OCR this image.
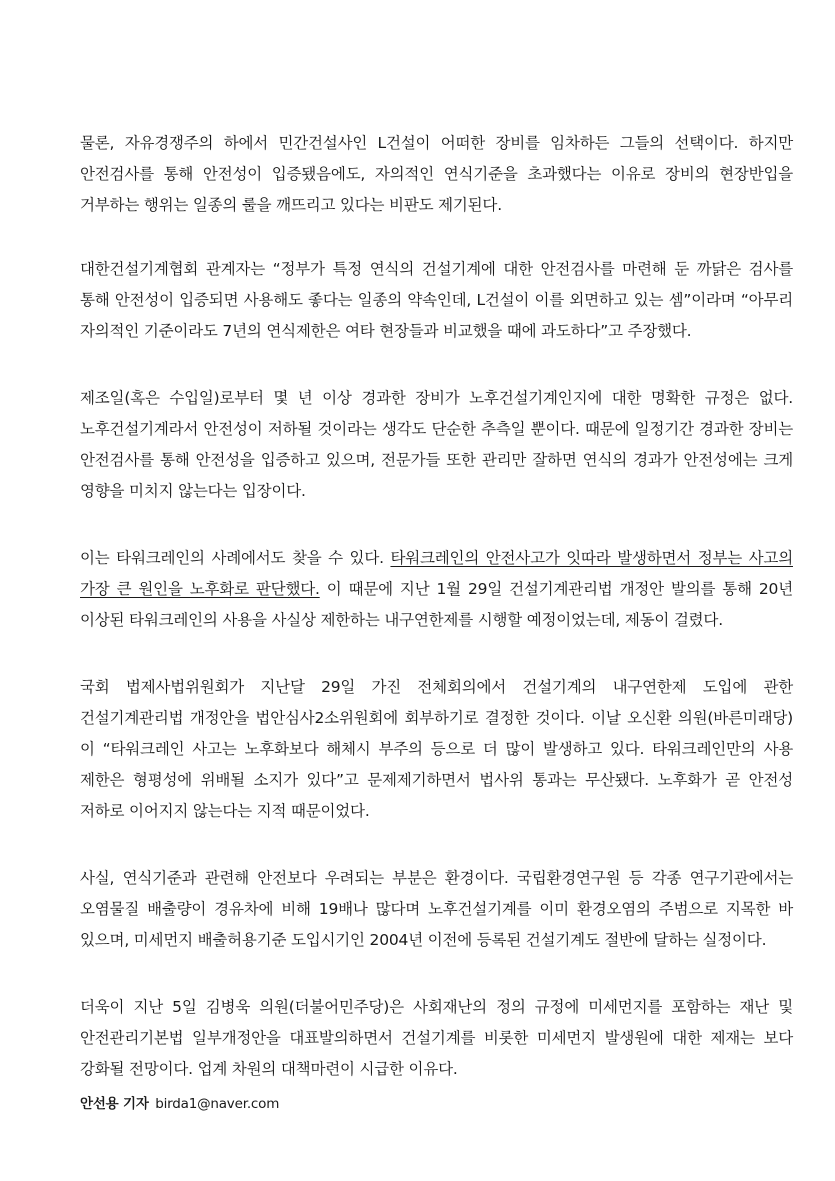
물론, 자유경쟁주의 하에서 민간건설사인 L건설이 어떠한 장비를 임차하든 그들의 선택이다. 하지만 안전검사를 통해 안전성이 입증됐음에도, 자의적인 연식기준을 초과했다는 이유로 장비의 현장반입을 거부하는 행위는 일종의 룰을 깨뜨리고 있다는 비판도 제기된다.

대한건설기계협회 관계자는 “정부가 특정 연식의 건설기계에 대한 안전검사를 마련해 둔 까닭은 검사를 통해 안전성이 입증되면 사용해도 좋다는 일종의 약속인데, L건설이 이를 외면하고 있는 셈”이라며 “아무리 자의적인 기준이라도 7년의 연식제한은 여타 현장들과 비교했을 때에 과도하다”고 주장했다.

제조일(혹은 수입일)로부터 몇 년 이상 경과한 장비가 노후건설기계인지에 대한 명확한 규정은 없다. 노후건설기계라서 안전성이 저하될 것이라는 생각도 단순한 추측일 뿐이다. 때문에 일정기간 경과한 장비는 안전검사를 통해 안전성을 입증하고 있으며, 전문가들 또한 관리만 잘하면 연식의 경과가 안전성에는 크게 영향을 미치지 않는다는 입장이다.

이는 타워크레인의 사례에서도 찾을 수 있다. 타워크레인의 안전사고가 잇따라 발생하면서 정부는 사고의 가장 큰 원인을 노후화로 판단했다. 이 때문에 지난 1월 29일 건설기계관리법 개정안 발의를 통해 20년 이상된 타워크레인의 사용을 사실상 제한하는 내구연한제를 시행할 예정이었는데, 제동이 걸렸다.

국회 법제사법위원회가 지난달 29일 가진 전체회의에서 건설기계의 내구연한제 도입에 관한 건설기계관리법 개정안을 법안심사2소위원회에 회부하기로 결정한 것이다. 이날 오신환 의원(바른미래당)이 “타워크레인 사고는 노후화보다 해체시 부주의 등으로 더 많이 발생하고 있다. 타워크레인만의 사용 제한은 형평성에 위배될 소지가 있다”고 문제제기하면서 법사위 통과는 무산됐다. 노후화가 곧 안전성 저하로 이어지지 않는다는 지적 때문이었다.

사실, 연식기준과 관련해 안전보다 우려되는 부분은 환경이다. 국립환경연구원 등 각종 연구기관에서는 오염물질 배출량이 경유차에 비해 19배나 많다며 노후건설기계를 이미 환경오염의 주범으로 지목한 바 있으며, 미세먼지 배출허용기준 도입시기인 2004년 이전에 등록된 건설기계도 절반에 달하는 실정이다.

더욱이 지난 5일 김병욱 의원(더불어민주당)은 사회재난의 정의 규정에 미세먼지를 포함하는 재난 및 안전관리기본법 일부개정안을 대표발의하면서 건설기계를 비롯한 미세먼지 발생원에 대한 제재는 보다 강화될 전망이다. 업계 차원의 대책마련이 시급한 이유다.

안선용 기자 birda1@naver.com
